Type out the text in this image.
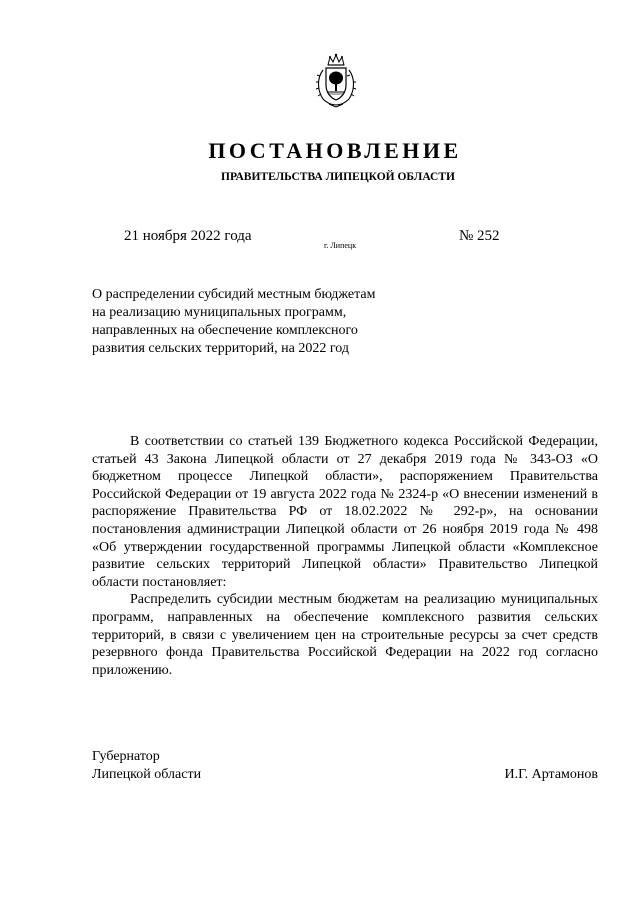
ПОСТАНОВЛЕНИЕ
ПРАВИТЕЛЬСТВА ЛИПЕЦКОЙ ОБЛАСТИ
21 ноября 2022 года
г. Липецк
№ 252
О распределении субсидий местным бюджетам
на реализацию муниципальных программ,
направленных на обеспечение комплексного
развития сельских территорий, на 2022 год

В соответствии со статьей 139 Бюджетного кодекса Российской Федерации, статьей 43 Закона Липецкой области от 27 декабря 2019 года № 343-ОЗ «О бюджетном процессе Липецкой области», распоряжением Правительства Российской Федерации от 19 августа 2022 года № 2324-р «О внесении изменений в распоряжение Правительства РФ от 18.02.2022 № 292-р», на основании постановления администрации Липецкой области от 26 ноября 2019 года № 498 «Об утверждении государственной программы Липецкой области «Комплексное развитие сельских территорий Липецкой области» Правительство Липецкой области постановляет:

Распределить субсидии местным бюджетам на реализацию муниципальных программ, направленных на обеспечение комплексного развития сельских территорий, в связи с увеличением цен на строительные ресурсы за счет средств резервного фонда Правительства Российской Федерации на 2022 год согласно приложению.

Губернатор
Липецкой области	И.Г. Артамонов
